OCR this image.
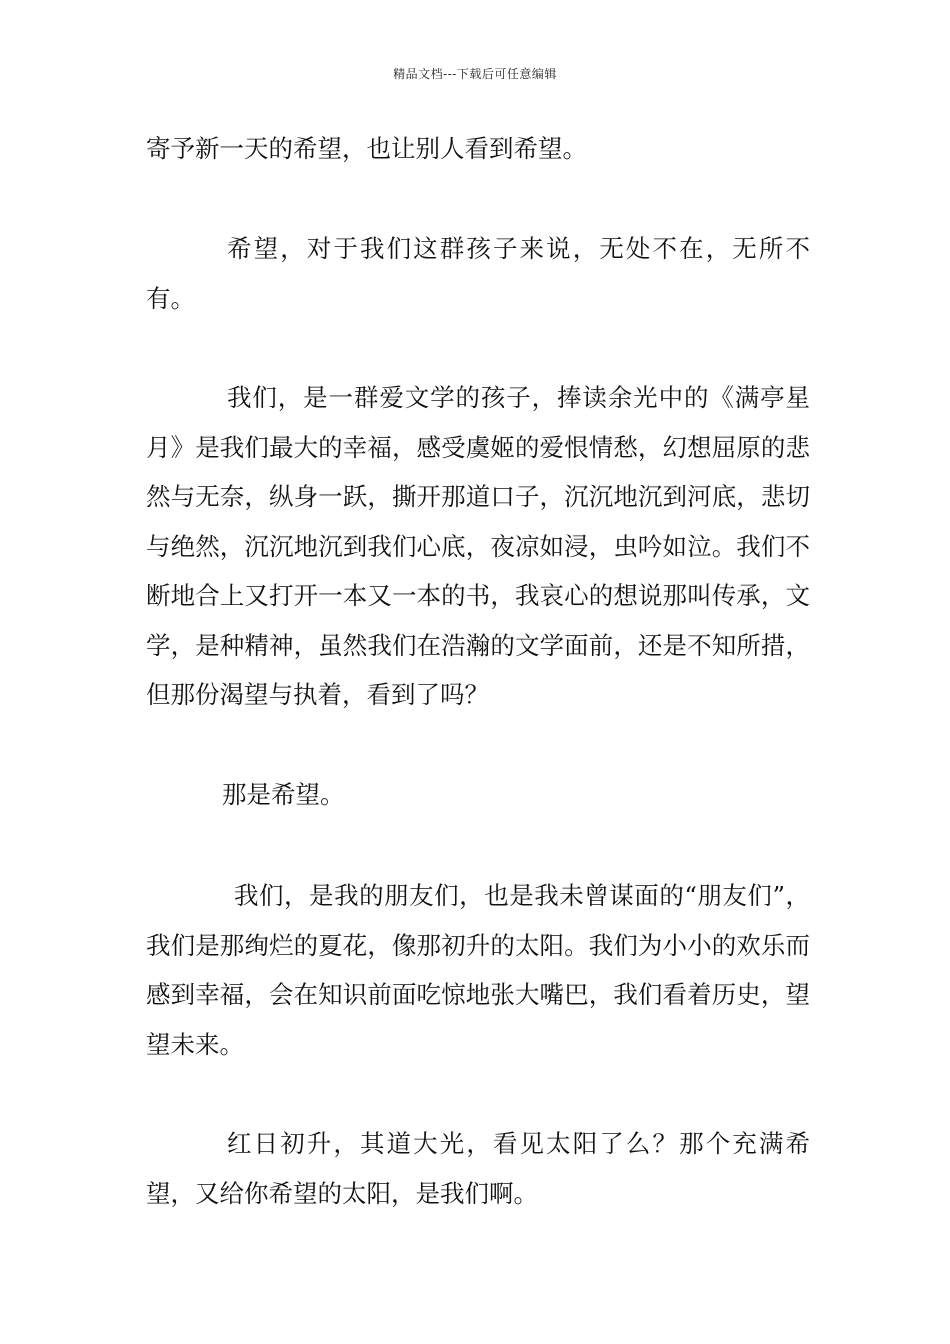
精品文档---下载后可任意编辑

寄予新一天的希望，也让别人看到希望。

希望，对于我们这群孩子来说，无处不在，无所不有。

我们，是一群爱文学的孩子，捧读余光中的《满亭星月》是我们最大的幸福，感受虞姬的爱恨情愁，幻想屈原的悲然与无奈，纵身一跃，撕开那道口子，沉沉地沉到河底，悲切与绝然，沉沉地沉到我们心底，夜凉如浸，虫吟如泣。我们不断地合上又打开一本又一本的书，我哀心的想说那叫传承，文学，是种精神，虽然我们在浩瀚的文学面前，还是不知所措，但那份渴望与执着，看到了吗？

那是希望。

我们，是我的朋友们，也是我未曾谋面的“朋友们”，我们是那绚烂的夏花，像那初升的太阳。我们为小小的欢乐而感到幸福，会在知识前面吃惊地张大嘴巴，我们看着历史，望望未来。

红日初升，其道大光，看见太阳了么？那个充满希望，又给你希望的太阳，是我们啊。
